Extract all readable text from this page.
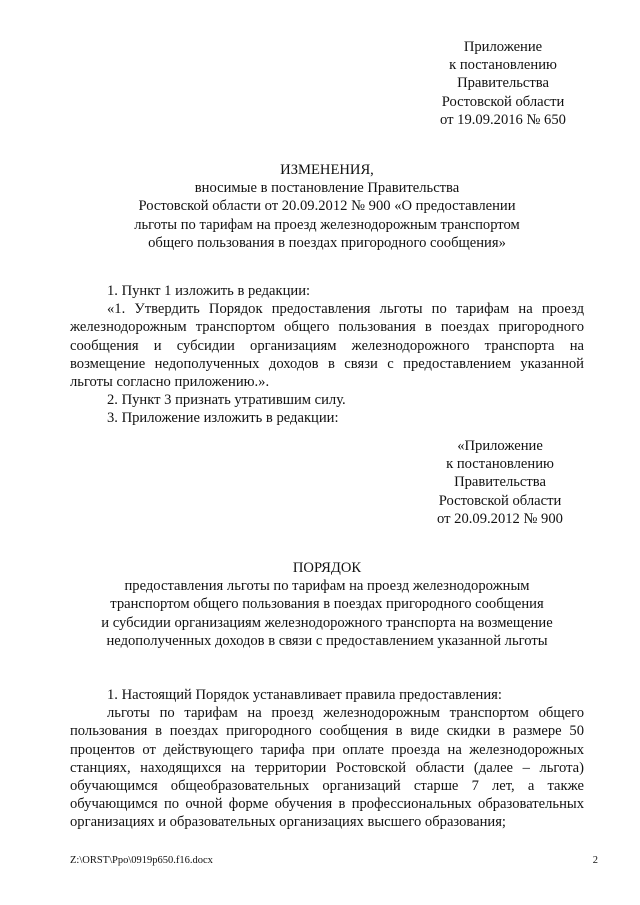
Приложение
к постановлению
Правительства
Ростовской области
от 19.09.2016 № 650
ИЗМЕНЕНИЯ,
вносимые в постановление Правительства
Ростовской области от 20.09.2012 № 900 «О предоставлении
льготы по тарифам на проезд железнодорожным транспортом
общего пользования в поездах пригородного сообщения»

1. Пункт 1 изложить в редакции:

«1. Утвердить Порядок предоставления льготы по тарифам на проезд железнодорожным транспортом общего пользования в поездах пригородного сообщения и субсидии организациям железнодорожного транспорта на возмещение недополученных доходов в связи с предоставлением указанной льготы согласно приложению.».

2. Пункт 3 признать утратившим силу.

3. Приложение изложить в редакции:

«Приложение
к постановлению
Правительства
Ростовской области
от 20.09.2012 № 900
ПОРЯДОК
предоставления льготы по тарифам на проезд железнодорожным
транспортом общего пользования в поездах пригородного сообщения
и субсидии организациям железнодорожного транспорта на возмещение
недополученных доходов в связи с предоставлением указанной льготы

1. Настоящий Порядок устанавливает правила предоставления:

льготы по тарифам на проезд железнодорожным транспортом общего пользования в поездах пригородного сообщения в виде скидки в размере 50 процентов от действующего тарифа при оплате проезда на железнодорожных станциях, находящихся на территории Ростовской области (далее – льгота) обучающимся общеобразовательных организаций старше 7 лет, а также обучающимся по очной форме обучения в профессиональных образовательных организациях и образовательных организациях высшего образования;

Z:\ORST\Ppo\0919p650.f16.docx	2
